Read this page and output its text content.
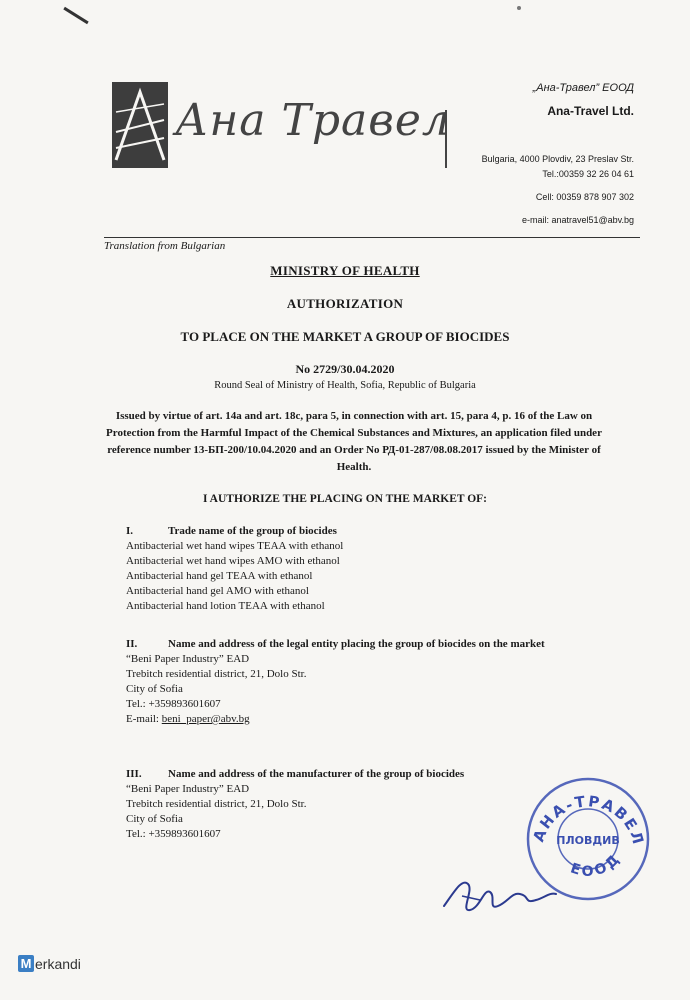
Ана Травел
„Ана-Травел” ЕООД
Ana-Travel Ltd.
Bulgaria, 4000 Plovdiv, 23 Preslav Str.
Tel.:00359 32 26 04 61
Cell: 00359 878 907 302
e-mail: anatravel51@abv.bg
Translation from Bulgarian
MINISTRY OF HEALTH
AUTHORIZATION
TO PLACE ON THE MARKET A GROUP OF BIOCIDES
No 2729/30.04.2020
Round Seal of Ministry of Health, Sofia, Republic of Bulgaria
Issued by virtue of art. 14a and art. 18c, para 5, in connection with art. 15, para 4, p. 16 of the Law on Protection from the Harmful Impact of the Chemical Substances and Mixtures, an application filed under reference number 13-БП-200/10.04.2020 and an Order No РД-01-287/08.08.2017 issued by the Minister of Health.
I AUTHORIZE THE PLACING ON THE MARKET OF:
I.	Trade name of the group of biocides
Antibacterial wet hand wipes TEAA with ethanol
Antibacterial wet hand wipes AMO with ethanol
Antibacterial hand gel TEAA with ethanol
Antibacterial hand gel AMO with ethanol
Antibacterial hand lotion TEAA with ethanol
II.	Name and address of the legal entity placing the group of biocides on the market
“Beni Paper Industry” EAD
Trebitch residential district, 21, Dolo Str.
City of Sofia
Tel.: +359893601607
E-mail: beni_paper@abv.bg
III.	Name and address of the manufacturer of the group of biocides
“Beni Paper Industry” EAD
Trebitch residential district, 21, Dolo Str.
City of Sofia
Tel.: +359893601607	АНА-ТРАВЕЛ
ПЛОВДИВ
ЕООД
M erkandi
